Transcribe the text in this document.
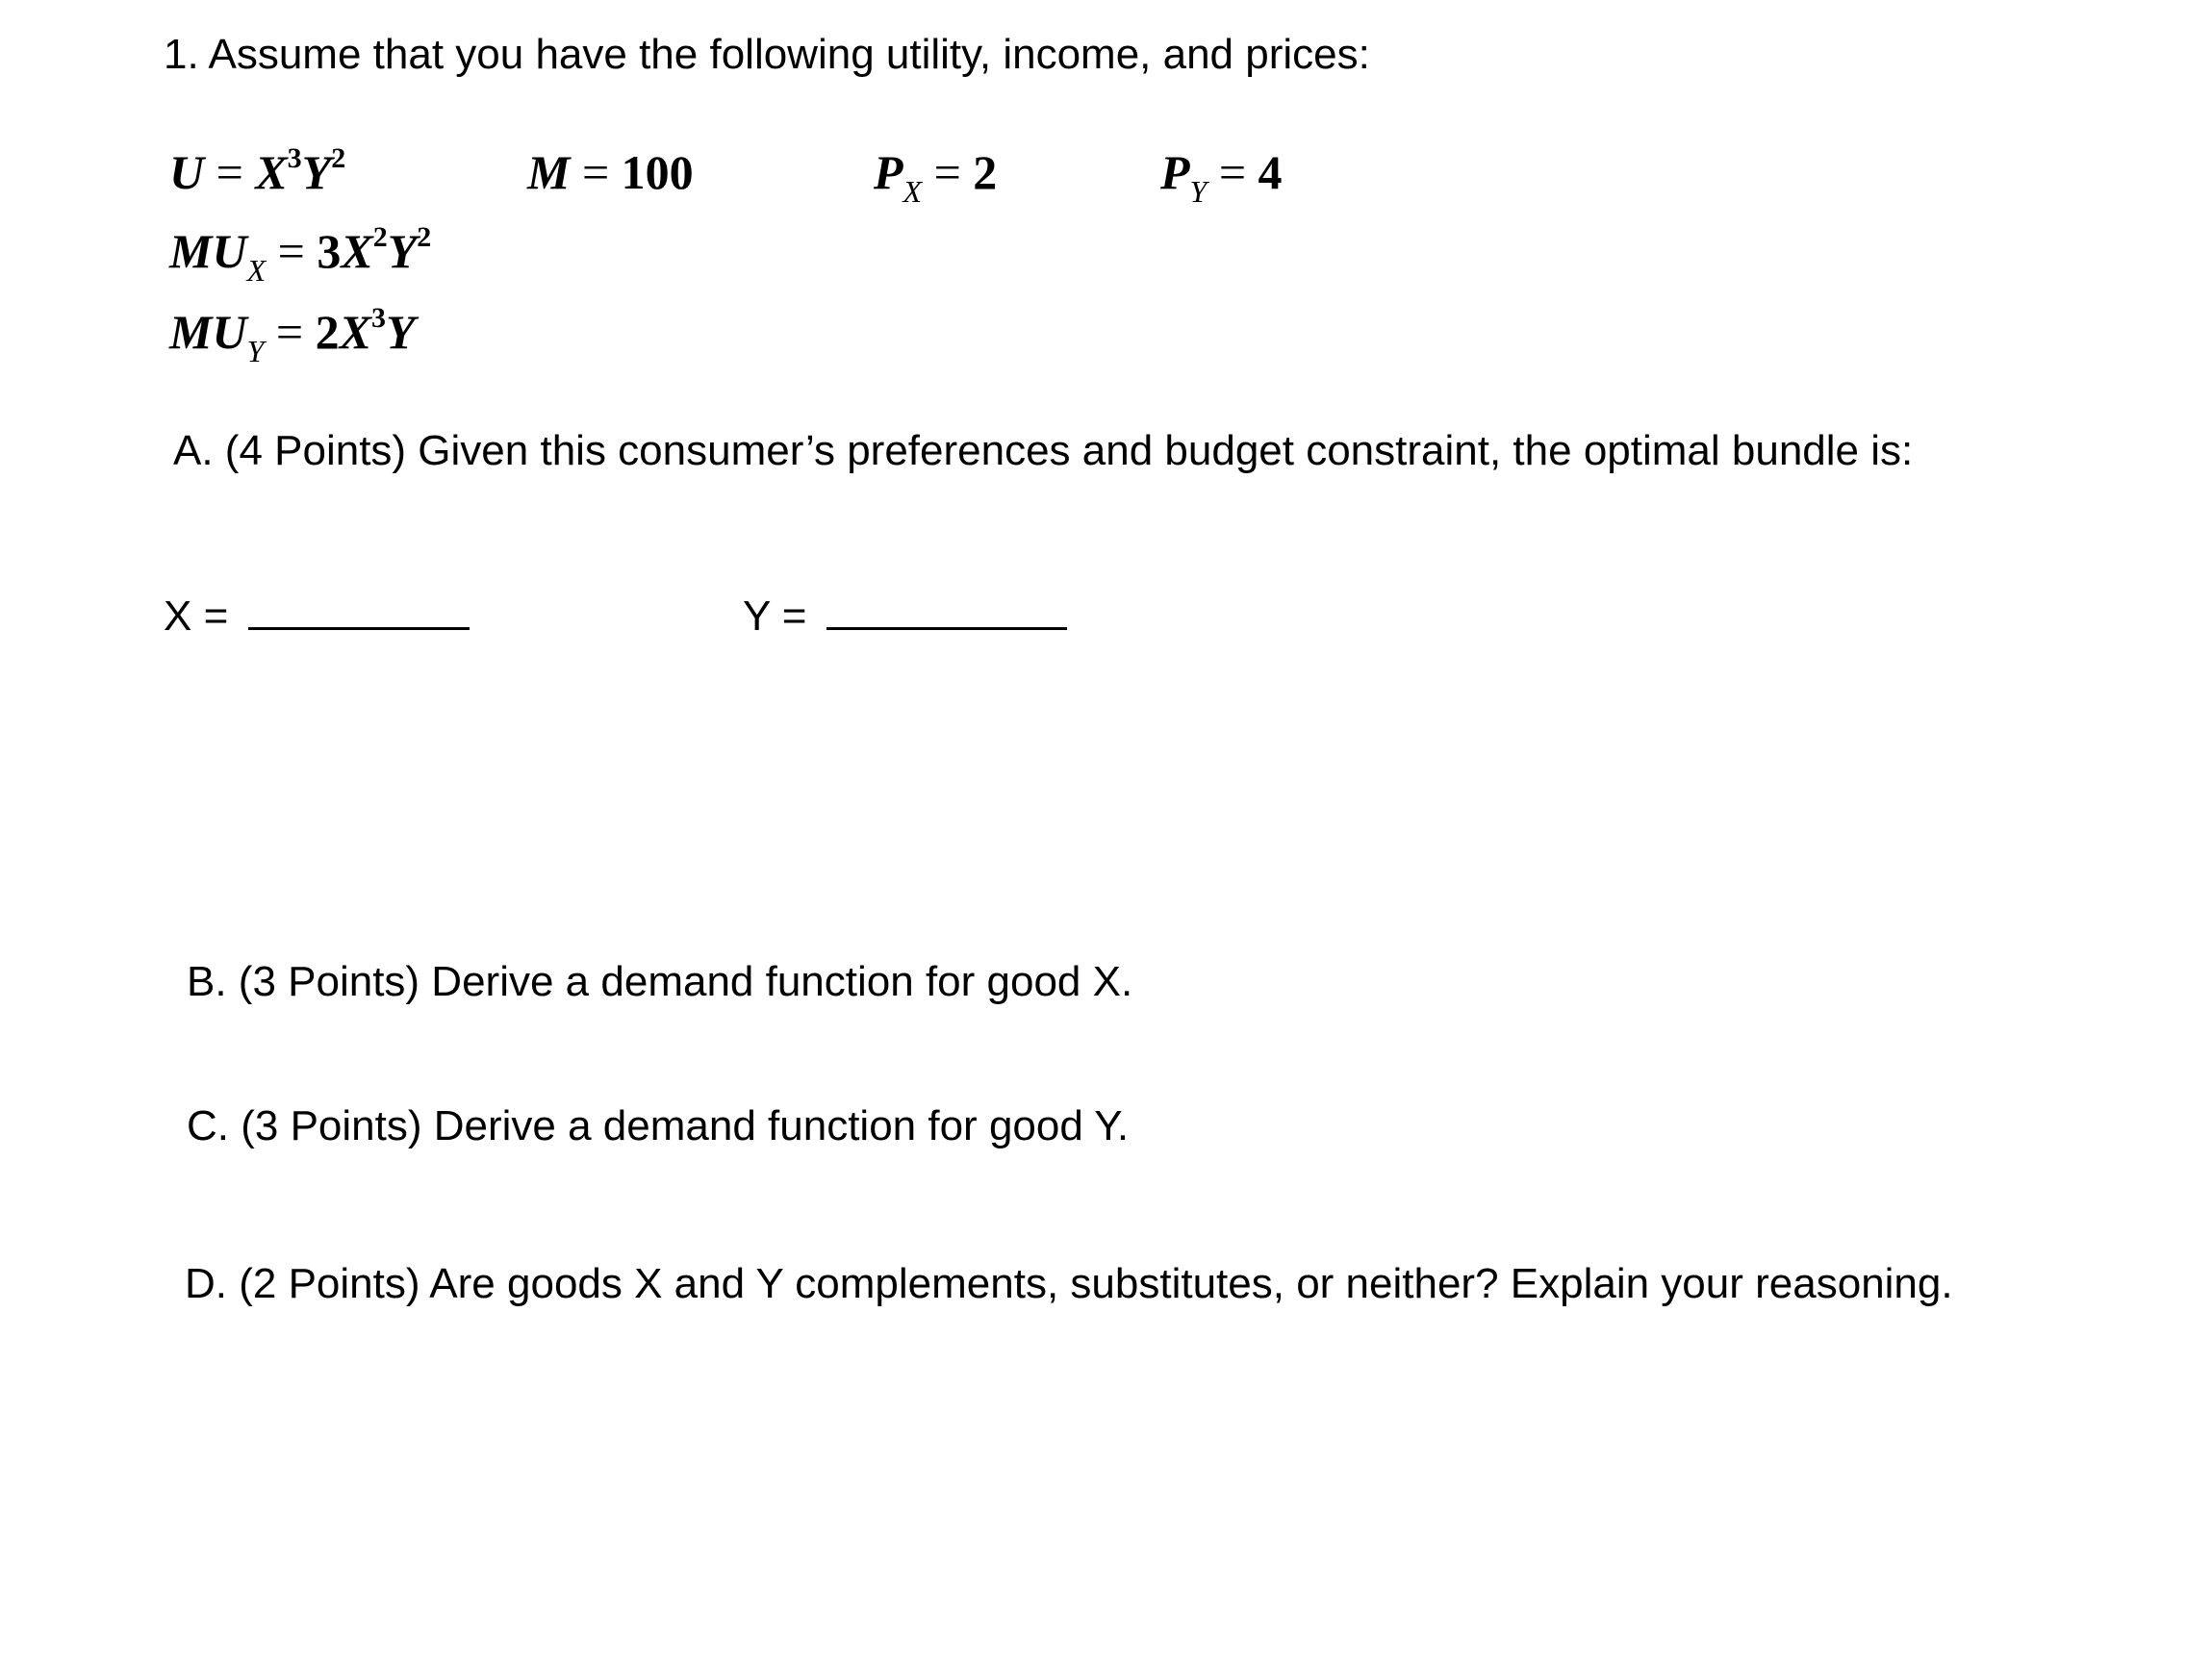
1. Assume that you have the following utility, income, and prices:
$U = X^3Y^2$	M = 100	$P_X = 2$	$P_Y = 4$
$MU_X = 3X^2Y^2$
$MU_Y = 2X^3Y$
A. (4 Points) Given this consumer’s preferences and budget constraint, the optimal bundle is:
X =	Y =
B. (3 Points) Derive a demand function for good X.
C. (3 Points) Derive a demand function for good Y.
D. (2 Points) Are goods X and Y complements, substitutes, or neither? Explain your reasoning.
